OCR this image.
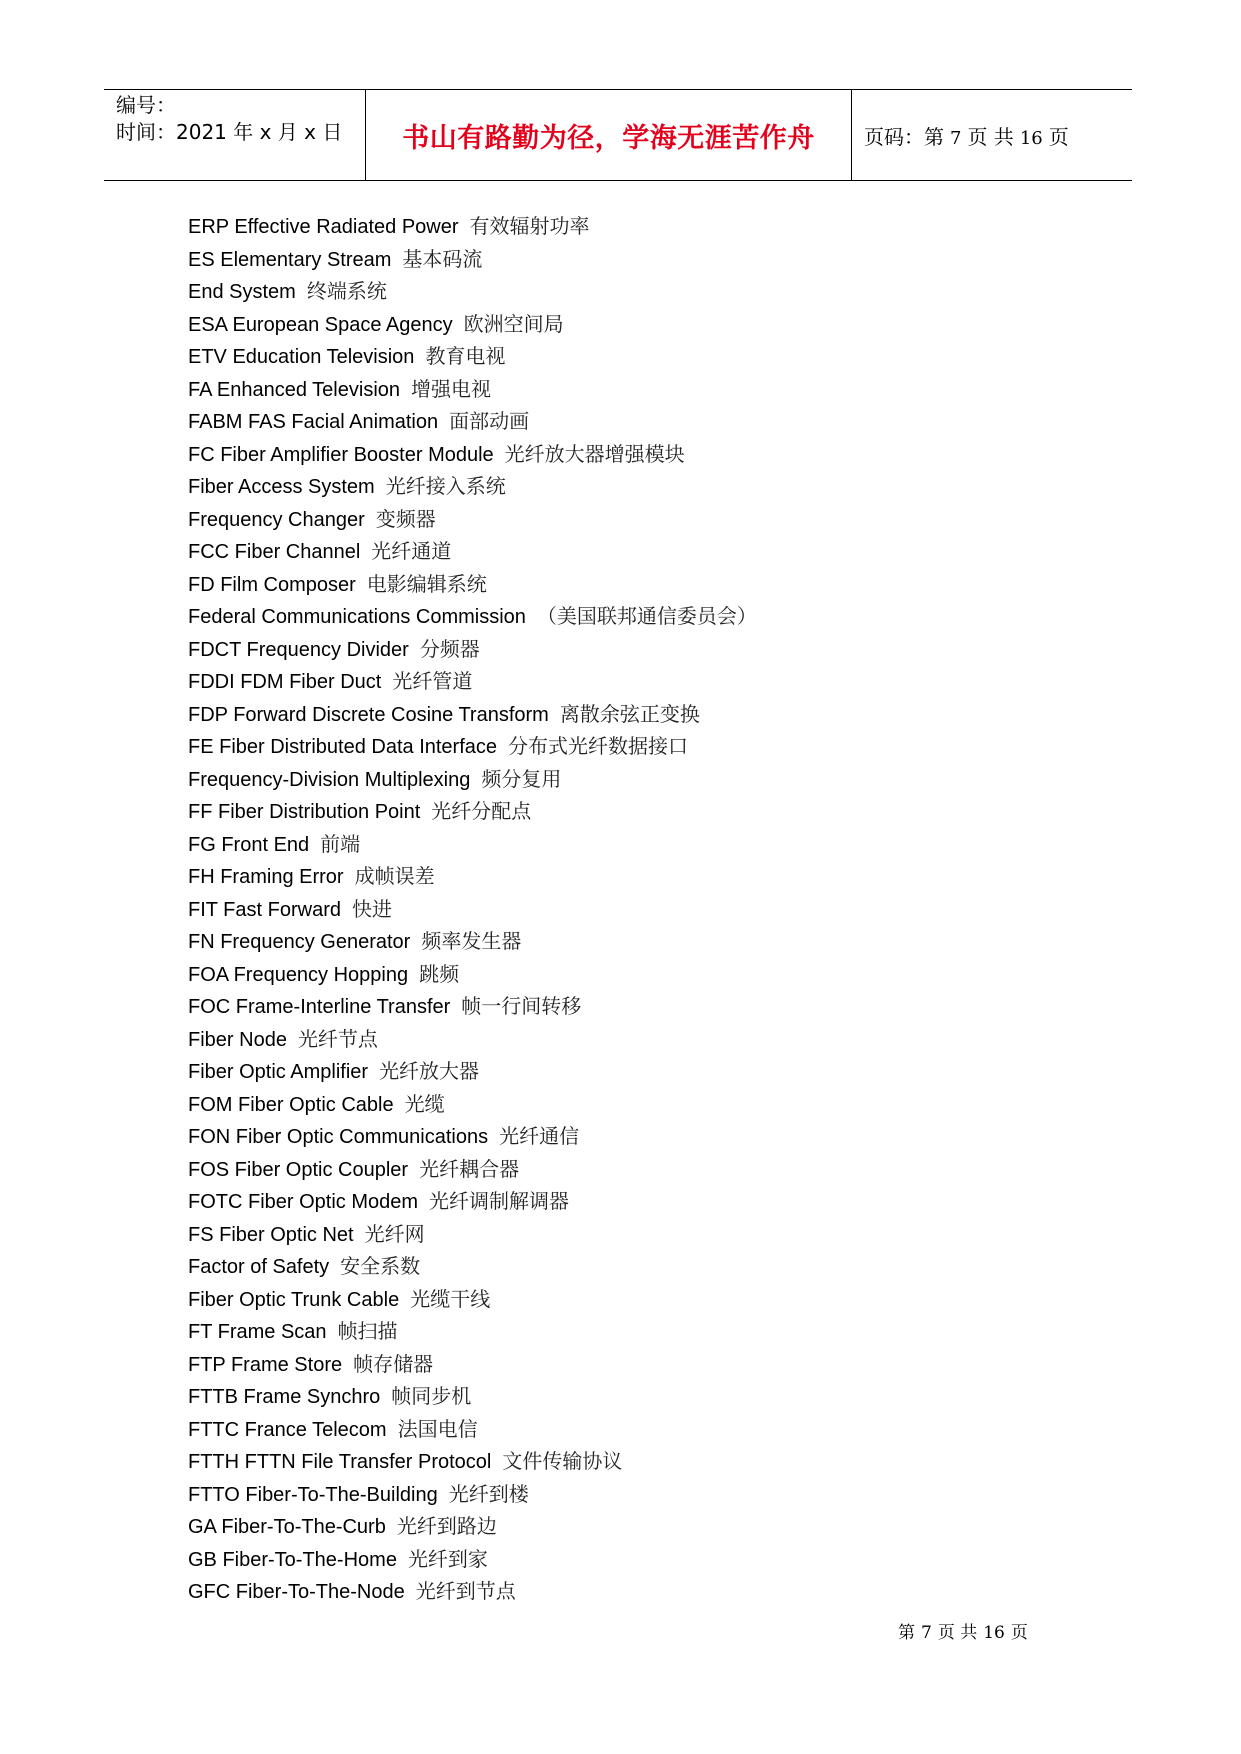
编号：
时间：2021 年 x 月 x 日	书山有路勤为径，学海无涯苦作舟 页码：第 7 页 共 16 页
ERP Effective Radiated Power 有效辐射功率
ES Elementary Stream 基本码流
End System 终端系统
ESA European Space Agency 欧洲空间局
ETV Education Television 教育电视
FA Enhanced Television 增强电视
FABM FAS Facial Animation 面部动画
FC Fiber Amplifier Booster Module 光纤放大器增强模块
Fiber Access System 光纤接入系统
Frequency Changer 变频器
FCC Fiber Channel 光纤通道
FD Film Composer 电影编辑系统
Federal Communications Commission （美国联邦通信委员会）
FDCT Frequency Divider 分频器
FDDI FDM Fiber Duct 光纤管道
FDP Forward Discrete Cosine Transform 离散余弦正变换
FE Fiber Distributed Data Interface 分布式光纤数据接口
Frequency-Division Multiplexing 频分复用
FF Fiber Distribution Point 光纤分配点
FG Front End 前端
FH Framing Error 成帧误差
FIT Fast Forward 快进
FN Frequency Generator 频率发生器
FOA Frequency Hopping 跳频
FOC Frame-Interline Transfer 帧一行间转移
Fiber Node 光纤节点
Fiber Optic Amplifier 光纤放大器
FOM Fiber Optic Cable 光缆
FON Fiber Optic Communications 光纤通信
FOS Fiber Optic Coupler 光纤耦合器
FOTC Fiber Optic Modem 光纤调制解调器
FS Fiber Optic Net 光纤网
Factor of Safety 安全系数
Fiber Optic Trunk Cable 光缆干线
FT Frame Scan 帧扫描
FTP Frame Store 帧存储器
FTTB Frame Synchro 帧同步机
FTTC France Telecom 法国电信
FTTH FTTN File Transfer Protocol 文件传输协议
FTTO Fiber-To-The-Building 光纤到楼
GA Fiber-To-The-Curb 光纤到路边
GB Fiber-To-The-Home 光纤到家
GFC Fiber-To-The-Node 光纤到节点
第 7 页 共 16 页
